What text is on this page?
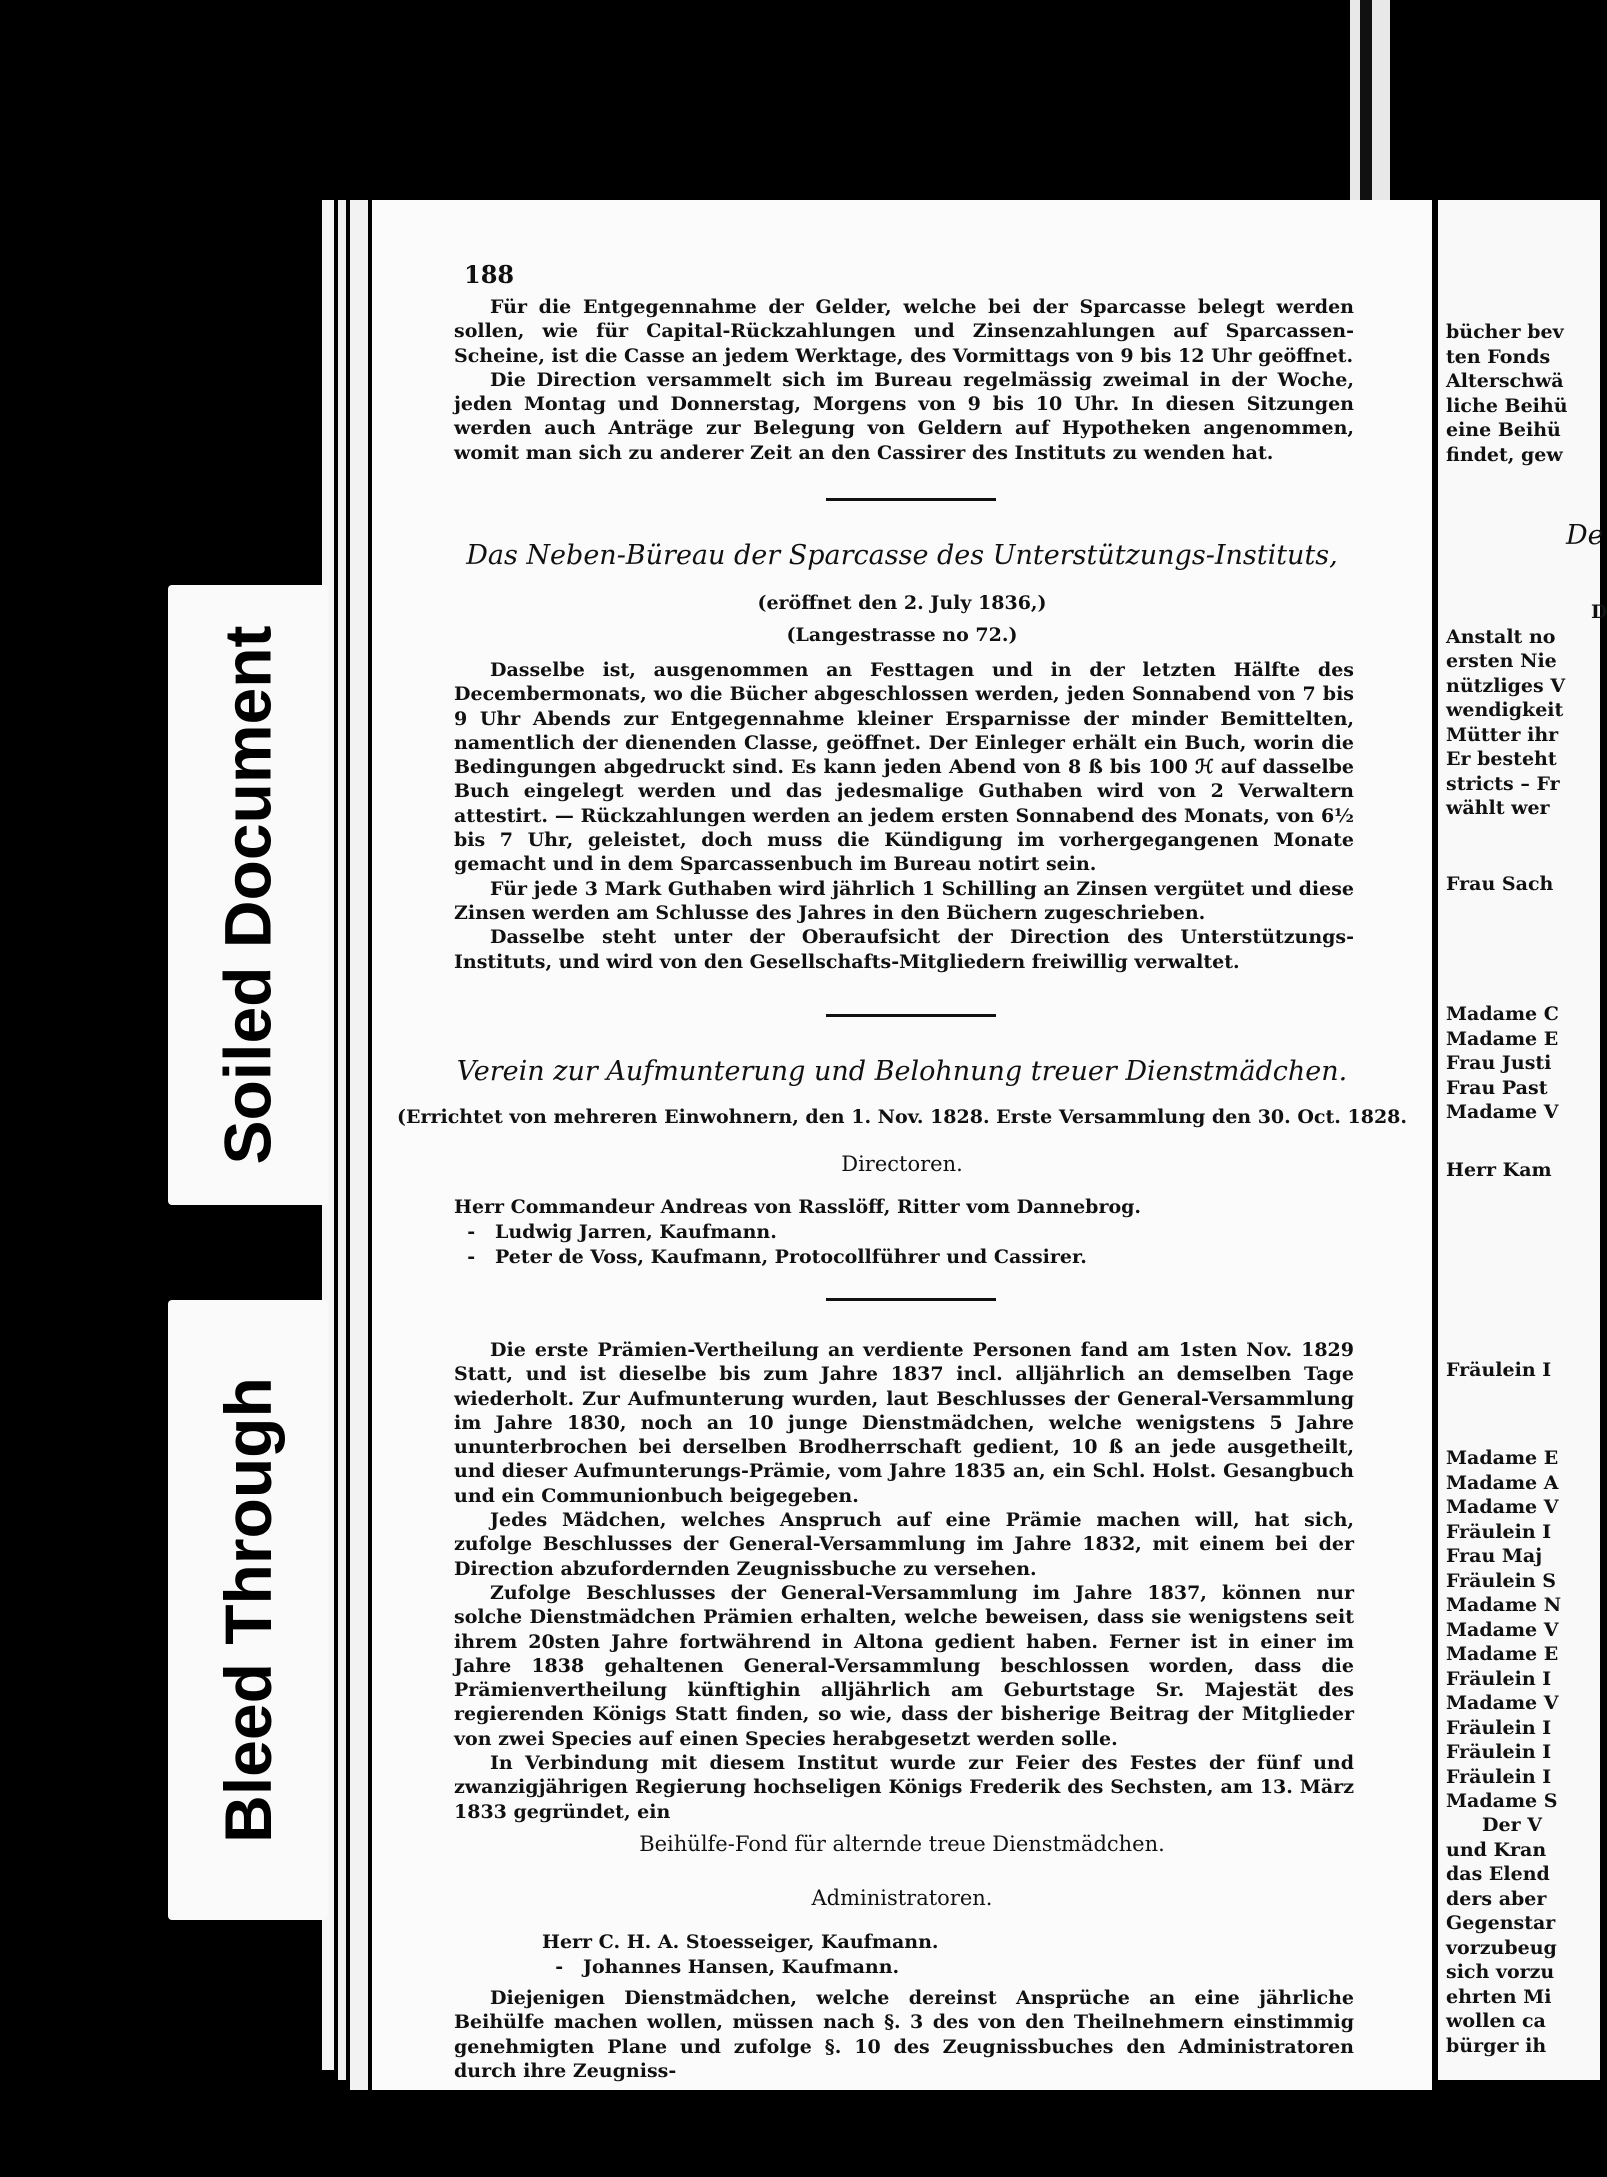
Soiled Document
Bleed Through
188

Für die Entgegennahme der Gelder, welche bei der Sparcasse belegt werden sollen, wie für Capital-Rückzahlungen und Zinsenzahlungen auf Sparcassen-Scheine, ist die Casse an jedem Werktage, des Vormittags von 9 bis 12 Uhr geöffnet.

Die Direction versammelt sich im Bureau regelmässig zweimal in der Woche, jeden Montag und Donnerstag, Morgens von 9 bis 10 Uhr. In diesen Sitzungen werden auch Anträge zur Belegung von Geldern auf Hypotheken angenommen, womit man sich zu anderer Zeit an den Cassirer des Instituts zu wenden hat.

Das Neben-Büreau der Sparcasse des Unterstützungs-Instituts,
(eröffnet den 2. July 1836,)
(Langestrasse no 72.)

Dasselbe ist, ausgenommen an Festtagen und in der letzten Hälfte des Decembermonats, wo die Bücher abgeschlossen werden, jeden Sonnabend von 7 bis 9 Uhr Abends zur Entgegennahme kleiner Ersparnisse der minder Bemittelten, namentlich der dienenden Classe, geöffnet. Der Einleger erhält ein Buch, worin die Bedingungen abgedruckt sind. Es kann jeden Abend von 8 ß bis 100 ℋ auf dasselbe Buch eingelegt werden und das jedesmalige Guthaben wird von 2 Verwaltern attestirt. — Rückzahlungen werden an jedem ersten Sonnabend des Monats, von 6½ bis 7 Uhr, geleistet, doch muss die Kündigung im vorhergegangenen Monate gemacht und in dem Sparcassenbuch im Bureau notirt sein.

Für jede 3 Mark Guthaben wird jährlich 1 Schilling an Zinsen vergütet und diese Zinsen werden am Schlusse des Jahres in den Büchern zugeschrieben.

Dasselbe steht unter der Oberaufsicht der Direction des Unterstützungs-Instituts, und wird von den Gesellschafts-Mitgliedern freiwillig verwaltet.

Verein zur Aufmunterung und Belohnung treuer Dienstmädchen.
(Errichtet von mehreren Einwohnern, den 1. Nov. 1828. Erste Versammlung den 30. Oct. 1828.
Directoren.
Herr Commandeur Andreas von Rasslöff, Ritter vom Dannebrog.
-   Ludwig Jarren, Kaufmann.
-   Peter de Voss, Kaufmann, Protocollführer und Cassirer.

Die erste Prämien-Vertheilung an verdiente Personen fand am 1sten Nov. 1829 Statt, und ist dieselbe bis zum Jahre 1837 incl. alljährlich an demselben Tage wiederholt. Zur Aufmunterung wurden, laut Beschlusses der General-Versammlung im Jahre 1830, noch an 10 junge Dienstmädchen, welche wenigstens 5 Jahre ununterbrochen bei derselben Brodherrschaft gedient, 10 ß an jede ausgetheilt, und dieser Aufmunterungs-Prämie, vom Jahre 1835 an, ein Schl. Holst. Gesangbuch und ein Communionbuch beigegeben.

Jedes Mädchen, welches Anspruch auf eine Prämie machen will, hat sich, zufolge Beschlusses der General-Versammlung im Jahre 1832, mit einem bei der Direction abzufordernden Zeugnissbuche zu versehen.

Zufolge Beschlusses der General-Versammlung im Jahre 1837, können nur solche Dienstmädchen Prämien erhalten, welche beweisen, dass sie wenigstens seit ihrem 20sten Jahre fortwährend in Altona gedient haben. Ferner ist in einer im Jahre 1838 gehaltenen General-Versammlung beschlossen worden, dass die Prämienvertheilung künftighin alljährlich am Geburtstage Sr. Majestät des regierenden Königs Statt finden, so wie, dass der bisherige Beitrag der Mitglieder von zwei Species auf einen Species herabgesetzt werden solle.

In Verbindung mit diesem Institut wurde zur Feier des Festes der fünf und zwanzigjährigen Regierung hochseligen Königs Frederik des Sechsten, am 13. März 1833 gegründet, ein

Beihülfe-Fond für alternde treue Dienstmädchen.
Administratoren.
Herr C. H. A. Stoesseiger, Kaufmann.
-   Johannes Hansen, Kaufmann.

Diejenigen Dienstmädchen, welche dereinst Ansprüche an eine jährliche Beihülfe machen wollen, müssen nach §. 3 des von den Theilnehmern einstimmig genehmigten Plane und zufolge §. 10 des Zeugnissbuches den Administratoren durch ihre Zeugniss-

bücher bev
ten Fonds
Alterschwä
liche Beihü
eine Beihü
findet, gew
De
D
Anstalt no
ersten Nie
nützliges V
wendigkeit
Mütter ihr
Er besteht
stricts – Fr
wählt wer
Frau Sach
Madame C
Madame E
Frau Justi
Frau Past
Madame V
Herr Kam
Fräulein I
Madame E
Madame A
Madame V
Fräulein I
Frau Maj
Fräulein S
Madame N
Madame V
Madame E
Fräulein I
Madame V
Fräulein I
Fräulein I
Fräulein I
Madame S
Der V
und Kran
das Elend
ders aber
Gegenstar
vorzubeug
sich vorzu
ehrten Mi
wollen ca
bürger ih
